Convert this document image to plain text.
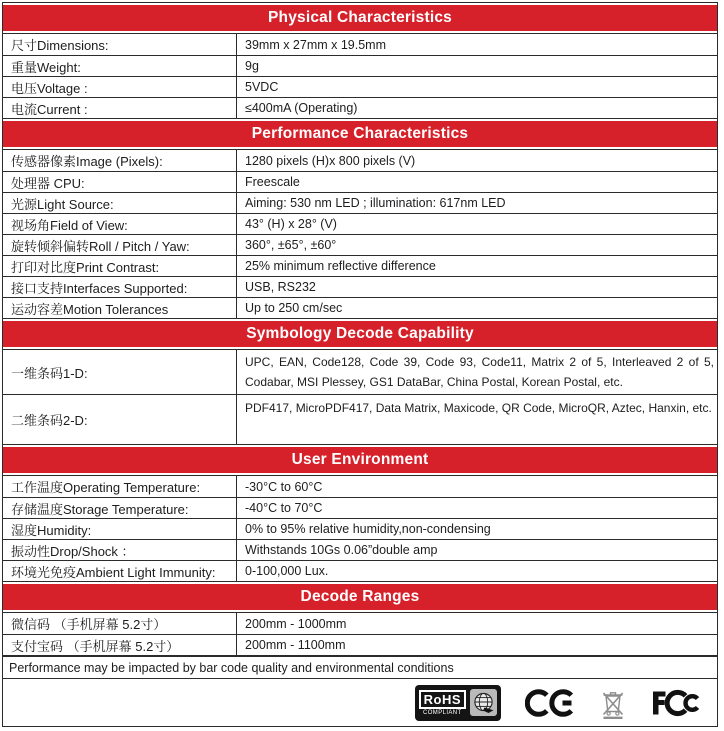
Physical Characteristics
尺寸Dimensions:	39mm x 27mm x 19.5mm
重量Weight:	9g
电压Voltage :	5VDC
电流Current :	≤400mA (Operating)
Performance Characteristics
传感器像素Image (Pixels):	1280 pixels (H)x 800 pixels (V)
处理器 CPU:	Freescale
光源Light Source:	Aiming: 530 nm LED ; illumination: 617nm LED
视场角Field of View:	43° (H) x 28° (V)
旋转倾斜偏转Roll / Pitch / Yaw:	360°, ±65°, ±60°
打印对比度Print Contrast:	25% minimum reflective difference
接口支持Interfaces Supported:	USB, RS232
运动容差Motion Tolerances	Up to 250 cm/sec
Symbology Decode Capability
一维条码1-D:
UPC, EAN, Code128, Code 39, Code 93, Code11, Matrix 2 of 5, Interleaved 2 of 5, Codabar, MSI Plessey, GS1 DataBar, China Postal, Korean Postal, etc.
二维条码2-D:
PDF417, MicroPDF417, Data Matrix, Maxicode, QR Code, MicroQR, Aztec, Hanxin, etc.
User Environment
工作温度Operating Temperature:	-30°C to 60°C
存储温度Storage Temperature:	-40°C to 70°C
湿度Humidity:	0% to 95% relative humidity,non-condensing
振动性Drop/Shock ：	Withstands 10Gs 0.06”double amp
环境光免疫Ambient Light Immunity:	0-100,000 Lux.
Decode Ranges
微信码 （手机屏幕 5.2寸）	200mm - 1000mm
支付宝码 （手机屏幕 5.2寸）	200mm - 1100mm
Performance may be impacted by bar code quality and environmental conditions
RoHS
COMPLIANT
